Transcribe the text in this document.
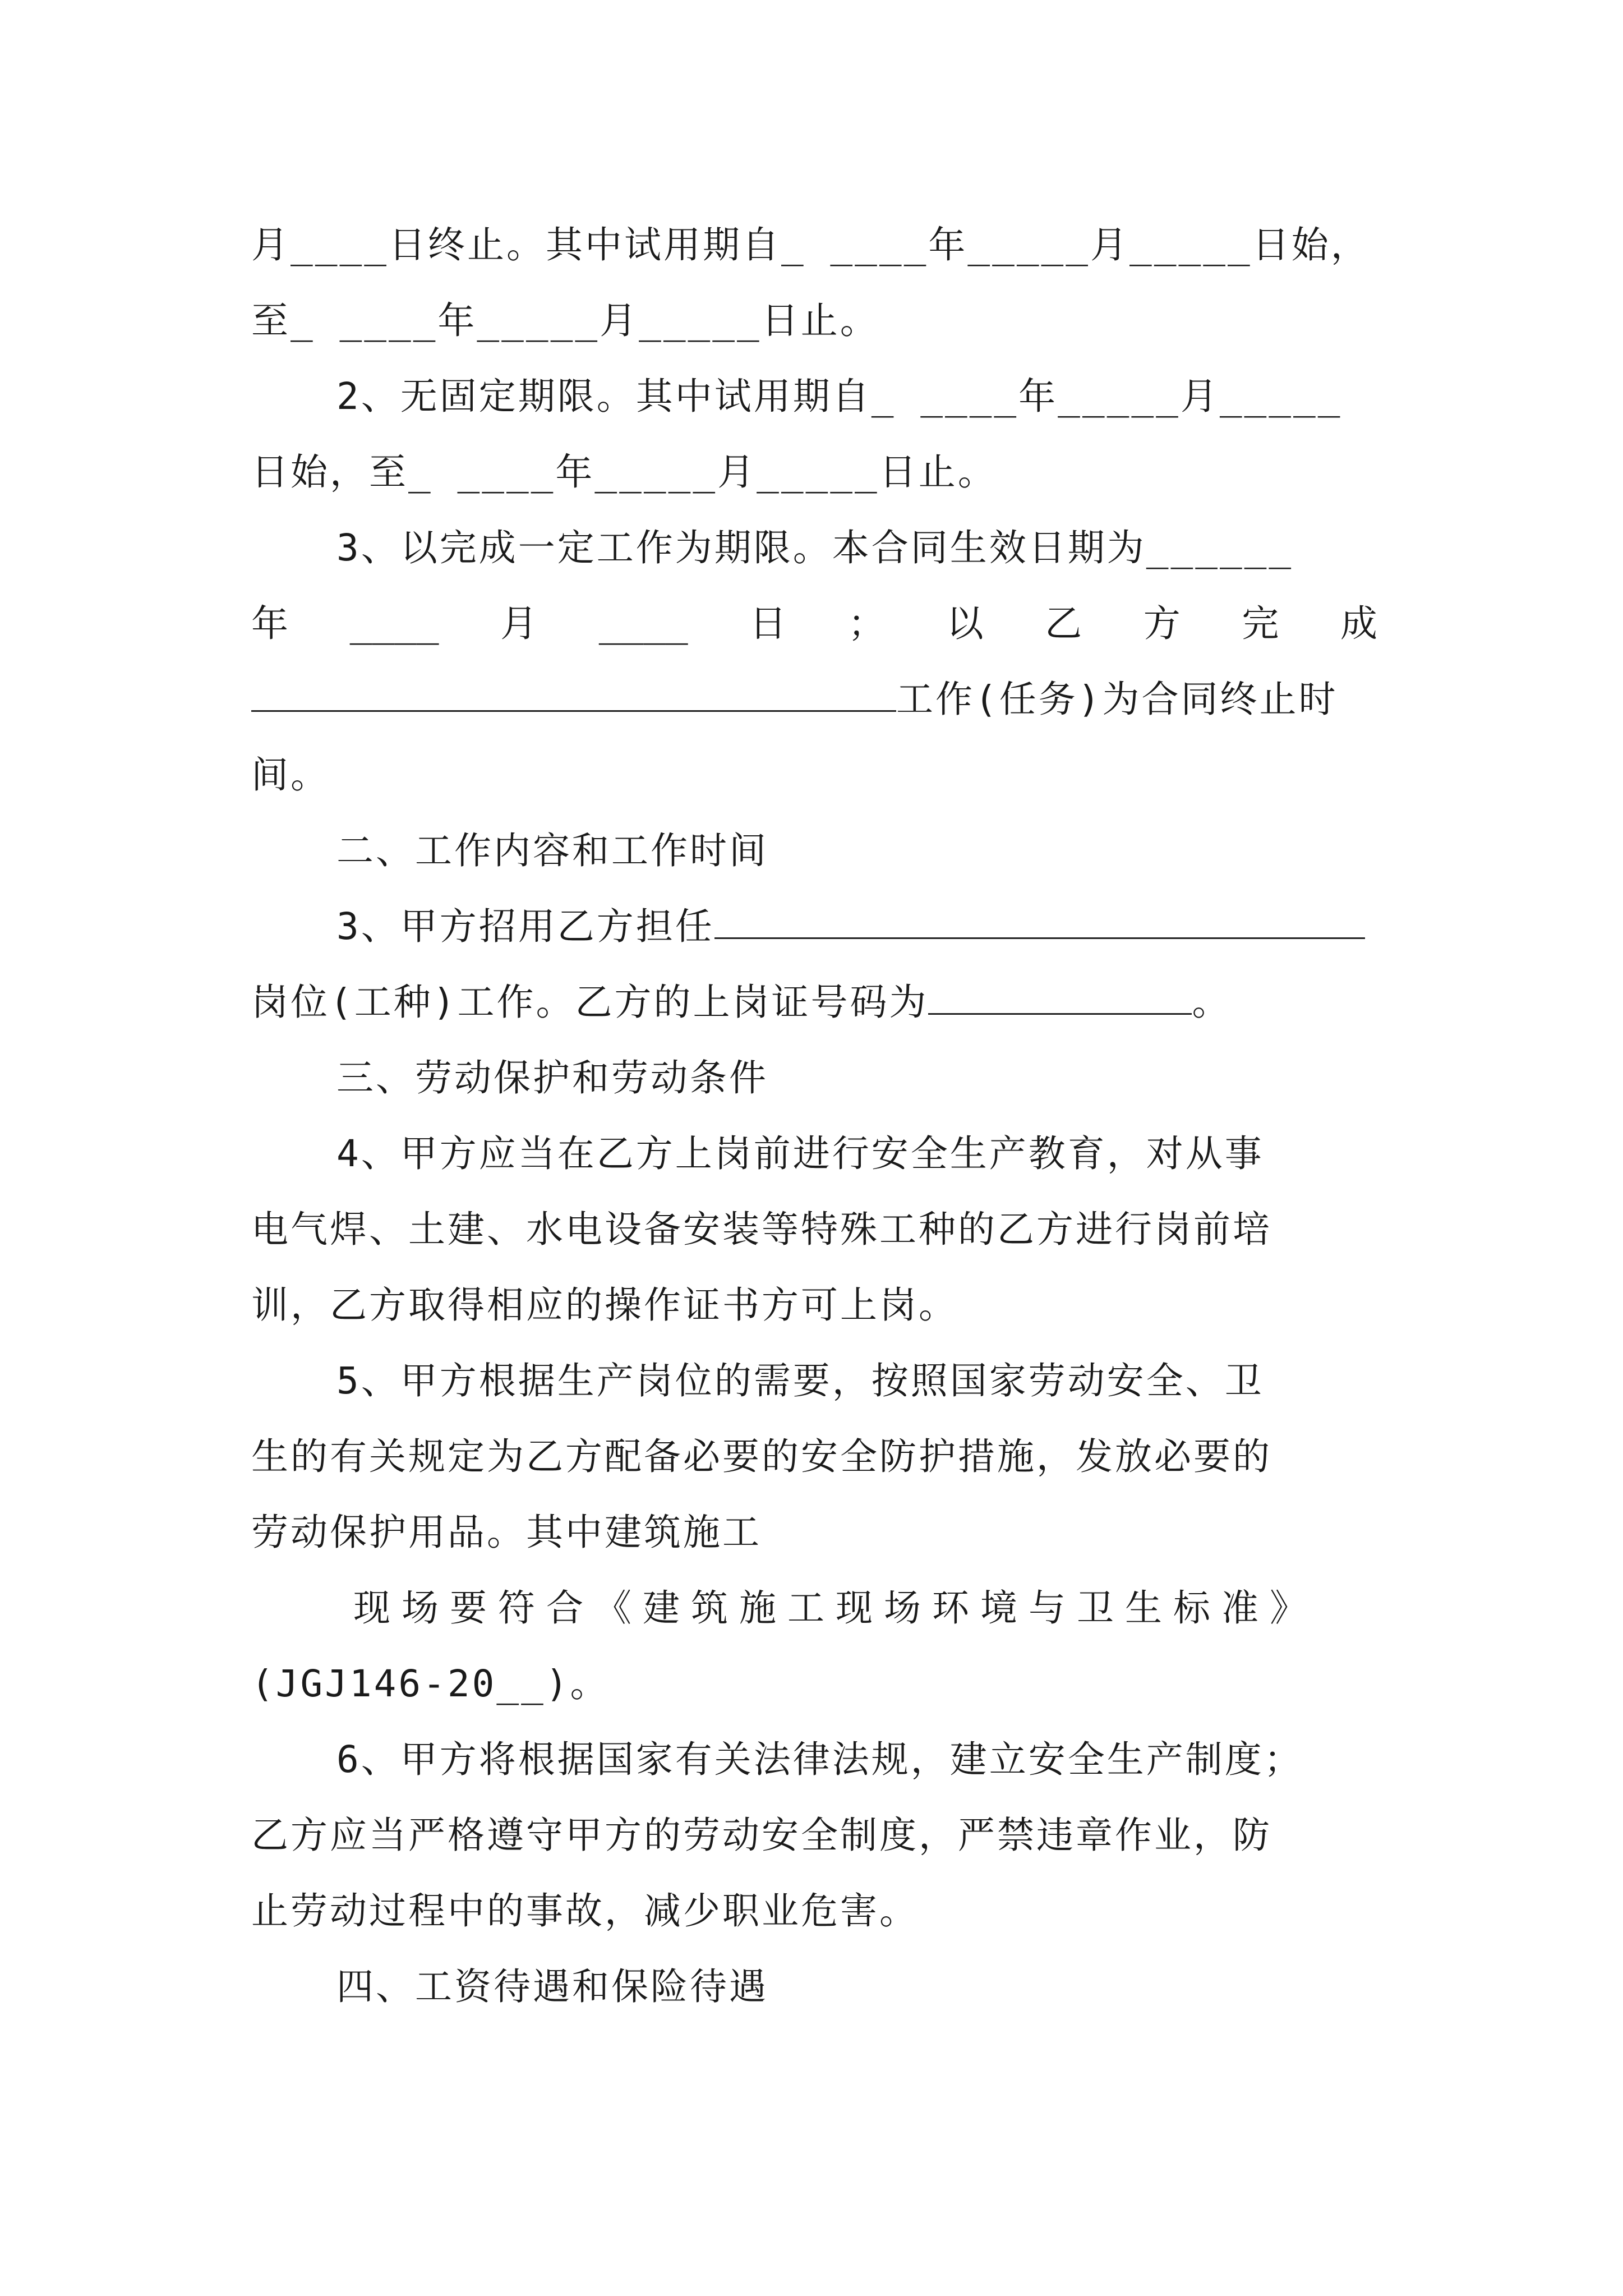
月____日终止。其中试用期自_ ____年_____月_____日始，
至_ ____年_____月_____日止。
2、无固定期限。其中试用期自_ ____年_____月_____
日始，至_ ____年_____月_____日止。
3、以完成一定工作为期限。本合同生效日期为______
年 ____ 月 ____ 日 ； 以 乙 方 完 成
工作(任务)为合同终止时
间。
二、工作内容和工作时间
3、甲方招用乙方担任
岗位(工种)工作。乙方的上岗证号码为	。
三、劳动保护和劳动条件
4、甲方应当在乙方上岗前进行安全生产教育，对从事
电气焊、土建、水电设备安装等特殊工种的乙方进行岗前培
训，乙方取得相应的操作证书方可上岗。
5、甲方根据生产岗位的需要，按照国家劳动安全、卫
生的有关规定为乙方配备必要的安全防护措施，发放必要的
劳动保护用品。其中建筑施工
现场要符合《建筑施工现场环境与卫生标准》
(JGJ146-20__)。
6、甲方将根据国家有关法律法规，建立安全生产制度；
乙方应当严格遵守甲方的劳动安全制度，严禁违章作业，防
止劳动过程中的事故，减少职业危害。
四、工资待遇和保险待遇
